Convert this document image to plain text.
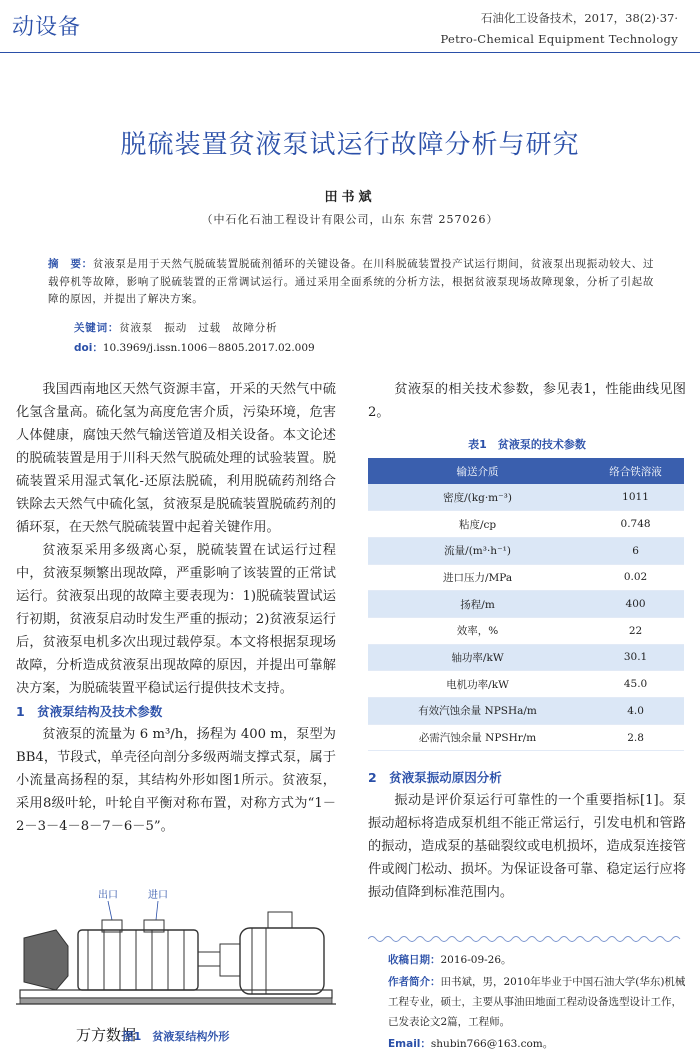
动设备	石油化工设备技术，2017，38(2)·37·
Petro-Chemical Equipment Technology
脱硫装置贫液泵试运行故障分析与研究
田书斌
（中石化石油工程设计有限公司，山东 东营 257026）
摘　要：贫液泵是用于天然气脱硫装置脱硫剂循环的关键设备。在川科脱硫装置投产试运行期间，贫液泵出现振动较大、过载停机等故障，影响了脱硫装置的正常调试运行。通过采用全面系统的分析方法，根据贫液泵现场故障现象，分析了引起故障的原因，并提出了解决方案。
关键词：贫液泵　振动　过载　故障分析
doi：10.3969/j.issn.1006－8805.2017.02.009

我国西南地区天然气资源丰富，开采的天然气中硫化氢含量高。硫化氢为高度危害介质，污染环境，危害人体健康，腐蚀天然气输送管道及相关设备。本文论述的脱硫装置是用于川科天然气脱硫处理的试验装置。脱硫装置采用湿式氧化-还原法脱硫，利用脱硫药剂络合铁除去天然气中硫化氢，贫液泵是脱硫装置脱硫药剂的循环泵，在天然气脱硫装置中起着关键作用。

贫液泵采用多级离心泵，脱硫装置在试运行过程中，贫液泵频繁出现故障，严重影响了该装置的正常试运行。贫液泵出现的故障主要表现为：1)脱硫装置试运行初期，贫液泵启动时发生严重的振动；2)贫液泵运行后，贫液泵电机多次出现过载停泵。本文将根据泵现场故障，分析造成贫液泵出现故障的原因，并提出可靠解决方案，为脱硫装置平稳试运行提供技术支持。

1　贫液泵结构及技术参数

贫液泵的流量为 6 m³/h，扬程为 400 m，泵型为BB4，节段式，单壳径向剖分多级两端支撑式泵，属于小流量高扬程的泵，其结构外形如图1所示。贫液泵，采用8级叶轮，叶轮自平衡对称布置，对称方式为“1－2－3－4－8－7－6－5”。

出口	进口
万方数据
图1　贫液泵结构外形

贫液泵的相关技术参数，参见表1，性能曲线见图2。

表1　贫液泵的技术参数
输送介质	络合铁溶液
密度/(kg·m⁻³)	1011
粘度/cp	0.748
流量/(m³·h⁻¹)	6
进口压力/MPa	0.02
扬程/m	400
效率，%	22
轴功率/kW	30.1
电机功率/kW	45.0
有效汽蚀余量 NPSHa/m	4.0
必需汽蚀余量 NPSHr/m	2.8

2　贫液泵振动原因分析

振动是评价泵运行可靠性的一个重要指标[1]。泵振动超标将造成泵机组不能正常运行，引发电机和管路的振动，造成泵的基础裂纹或电机损坏，造成泵连接管件或阀门松动、损坏。为保证设备可靠、稳定运行应将振动值降到标准范围内。

收稿日期：2016-09-26。
作者简介：田书斌，男，2010年毕业于中国石油大学(华东)机械工程专业，硕士，主要从事油田地面工程动设备选型设计工作，已发表论文2篇，工程师。
Email：shubin766@163.com。
